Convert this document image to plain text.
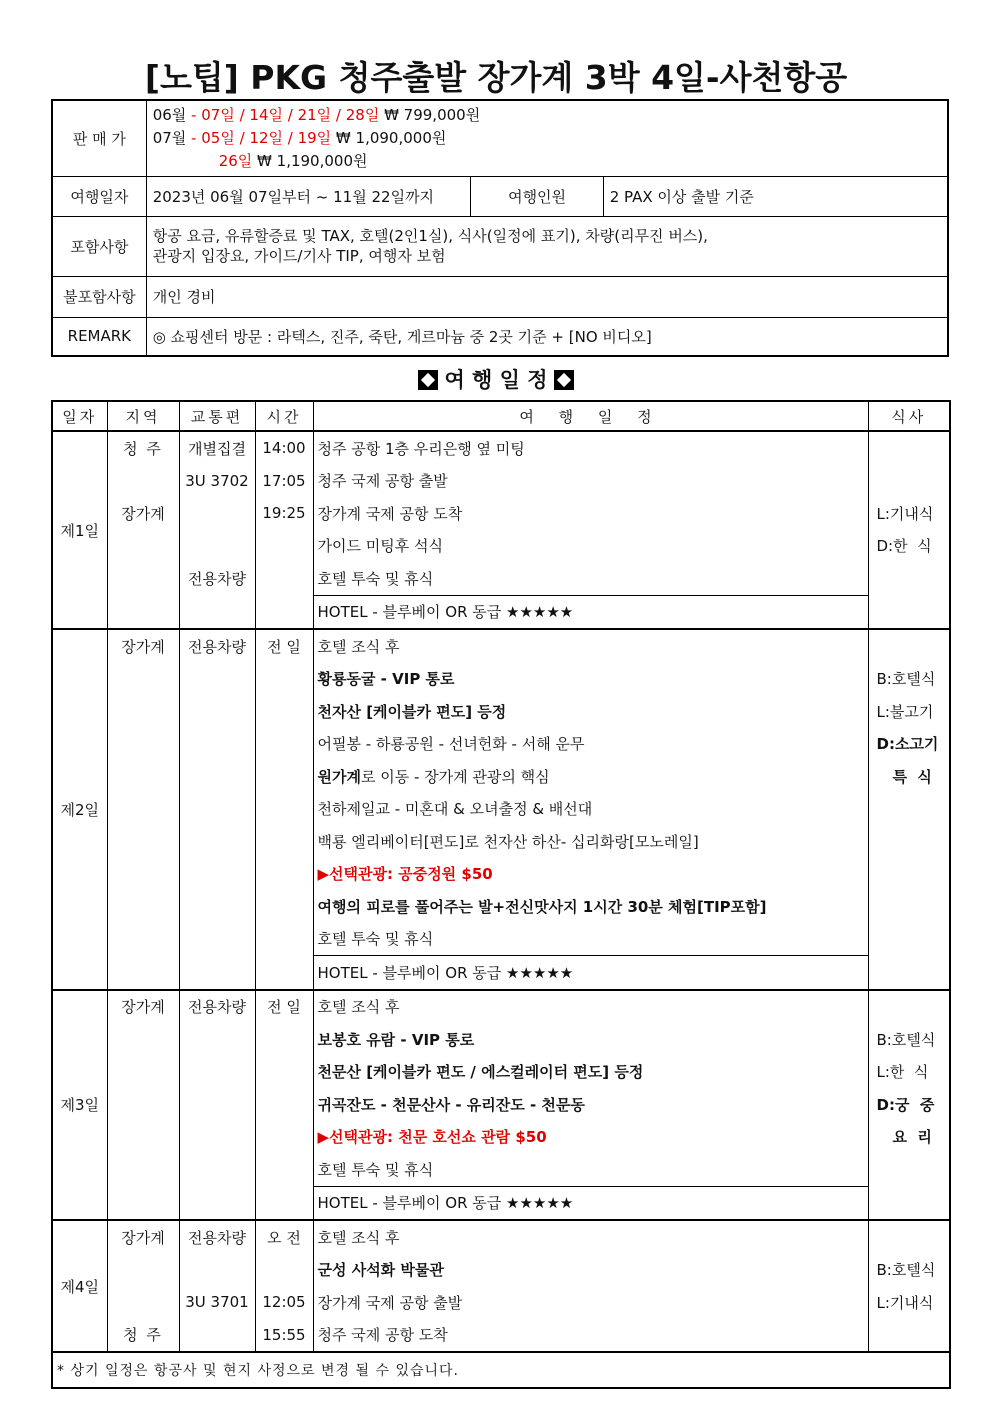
[노팁] PKG 청주출발 장가계 3박 4일-사천항공
판 매 가	06월 - 07일 / 14일 / 21일 / 28일 ₩ 799,000원
07월 - 05일 / 12일 / 19일 ₩ 1,090,000원
26일 ₩ 1,190,000원		

여행일자	2023년 06월 07일부터 ~ 11월 22일까지	여행인원	2 PAX 이상 출발 기준
포함사항	항공 요금, 유류할증료 및 TAX, 호텔(2인1실), 식사(일정에 표기), 차량(리무진 버스),
관광지 입장요, 가이드/기사 TIP, 여행자 보험		

불포함사항	개인 경비		
REMARK	◎ 쇼핑센터 방문 : 라텍스, 진주, 죽탄, 게르마늄 중 2곳 기준 + [NO 비디오]		
여 행 일 정
일자	지역	교통편	시간	여 행 일 정	식사
제1일	청 주	개별집결	14:00	청주 공항 1층 우리은행 옆 미팅	
		3U 3702	17:05	청주 국제 공항 출발	
	장가계		19:25	장가계 국제 공항 도착	L:기내식
				가이드 미팅후 석식	D:한  식
		전용차량		호텔 투숙 및 휴식	
				HOTEL - 블루베이 OR 동급 ★★★★★	
제2일	장가계	전용차량	전 일	호텔 조식 후	
				황룡동굴 - VIP 통로	B:호텔식
				천자산 [케이블카 편도] 등정	L:불고기
				어필봉 - 하룡공원 - 선녀헌화 - 서해 운무	D:소고기
				원가계로 이동 - 장가계 관광의 핵심	특  식
				천하제일교 - 미혼대 & 오녀출정 & 배선대	
				백룡 엘리베이터[편도]로 천자산 하산- 십리화랑[모노레일]	
				▶선택관광: 공중정원 $50	
				여행의 피로를 풀어주는 발+전신맛사지 1시간 30분 체험[TIP포함]	
				호텔 투숙 및 휴식	
				HOTEL - 블루베이 OR 동급 ★★★★★	
제3일	장가계	전용차량	전 일	호텔 조식 후	
				보봉호 유람 - VIP 통로	B:호텔식
				천문산 [케이블카 편도 / 에스컬레이터 편도] 등정	L:한  식
				귀곡잔도 - 천문산사 - 유리잔도 - 천문동	D:궁  중
				▶선택관광: 천문 호선쇼 관람 $50	요  리
				호텔 투숙 및 휴식	
				HOTEL - 블루베이 OR 동급 ★★★★★	
제4일	장가계	전용차량	오 전	호텔 조식 후	
				군성 사석화 박물관	B:호텔식
		3U 3701	12:05	장가계 국제 공항 출발	L:기내식
	청 주		15:55	청주 국제 공항 도착	
* 상기 일정은 항공사 및 현지 사정으로 변경 될 수 있습니다.					
